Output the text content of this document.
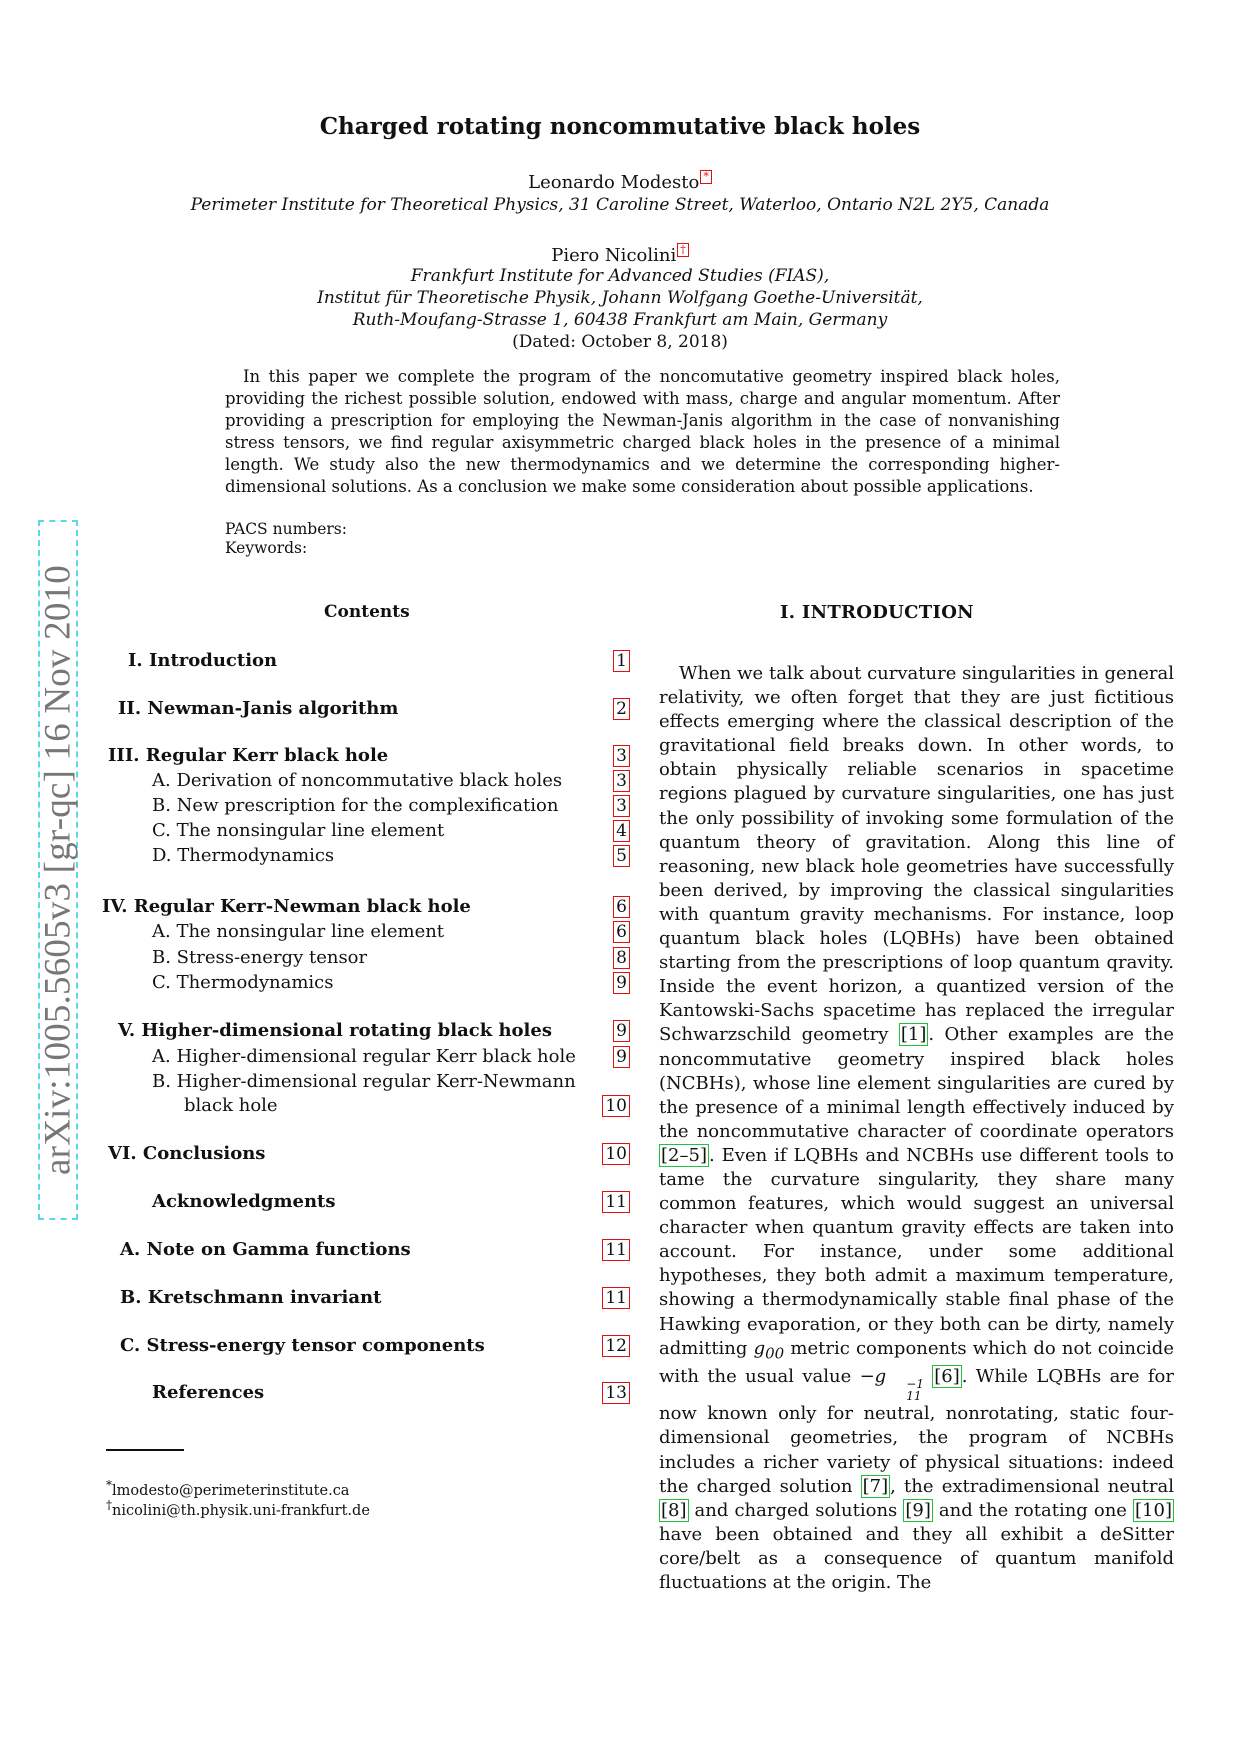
arXiv:1005.5605v3 [gr-qc] 16 Nov 2010
Charged rotating noncommutative black holes
Leonardo Modesto *
Perimeter Institute for Theoretical Physics, 31 Caroline Street, Waterloo, Ontario N2L 2Y5, Canada
Piero Nicolini †
Frankfurt Institute for Advanced Studies (FIAS),
Institut für Theoretische Physik, Johann Wolfgang Goethe-Universität,
Ruth-Moufang-Strasse 1, 60438 Frankfurt am Main, Germany
(Dated: October 8, 2018)
In this paper we complete the program of the noncomutative geometry inspired black holes, providing the richest possible solution, endowed with mass, charge and angular momentum. After providing a prescription for employing the Newman-Janis algorithm in the case of nonvanishing stress tensors, we find regular axisymmetric charged black holes in the presence of a minimal length. We study also the new thermodynamics and we determine the corresponding higher-dimensional solutions. As a conclusion we make some consideration about possible applications.
PACS numbers:
Keywords:
Contents
I. Introduction	1
II. Newman-Janis algorithm	2
III. Regular Kerr black hole	3
A. Derivation of noncommutative black holes	3
B. New prescription for the complexification	3
C. The nonsingular line element	4
D. Thermodynamics	5
IV. Regular Kerr-Newman black hole	6
A. The nonsingular line element	6
B. Stress-energy tensor	8
C. Thermodynamics	9
V. Higher-dimensional rotating black holes	9
A. Higher-dimensional regular Kerr black hole 9
B. Higher-dimensional regular Kerr-Newmann
black hole	10
VI. Conclusions	10
Acknowledgments	11
A. Note on Gamma functions	11
B. Kretschmann invariant	11
C. Stress-energy tensor components	12
References	13
I. INTRODUCTION
When we talk about curvature singularities in general relativity, we often forget that they are just fictitious effects emerging where the classical description of the gravitational field breaks down. In other words, to obtain physically reliable scenarios in spacetime regions plagued by curvature singularities, one has just the only possibility of invoking some formulation of the quantum theory of gravitation. Along this line of reasoning, new black hole geometries have successfully been derived, by improving the classical singularities with quantum gravity mechanisms. For instance, loop quantum black holes (LQBHs) have been obtained starting from the prescriptions of loop quantum qravity. Inside the event horizon, a quantized version of the Kantowski-Sachs spacetime has replaced the irregular Schwarzschild geometry [1] . Other examples are the noncommutative geometry inspired black holes (NCBHs), whose line element singularities are cured by the presence of a minimal length effectively induced by the noncommutative character of coordinate operators [2–5] . Even if LQBHs and NCBHs use different tools to tame the curvature singularity, they share many common features, which would suggest an universal character when quantum gravity effects are taken into account. For instance, under some additional hypotheses, they both admit a maximum temperature, showing a thermodynamically stable final phase of the Hawking evaporation, or they both can be dirty, namely admitting $g_{00}$ metric components which do not coincide with the usual value −g	−1
11
[6] . While LQBHs are for now known only for neutral, nonrotating, static four-dimensional geometries, the program of NCBHs includes a richer variety of physical situations: indeed the charged solution [7] , the extradimensional neutral [8] and charged solutions [9] and the rotating one [10] have been obtained and they all exhibit a deSitter core/belt as a consequence of quantum manifold fluctuations at the origin. The
*lmodesto@perimeterinstitute.ca
†nicolini@th.physik.uni-frankfurt.de
